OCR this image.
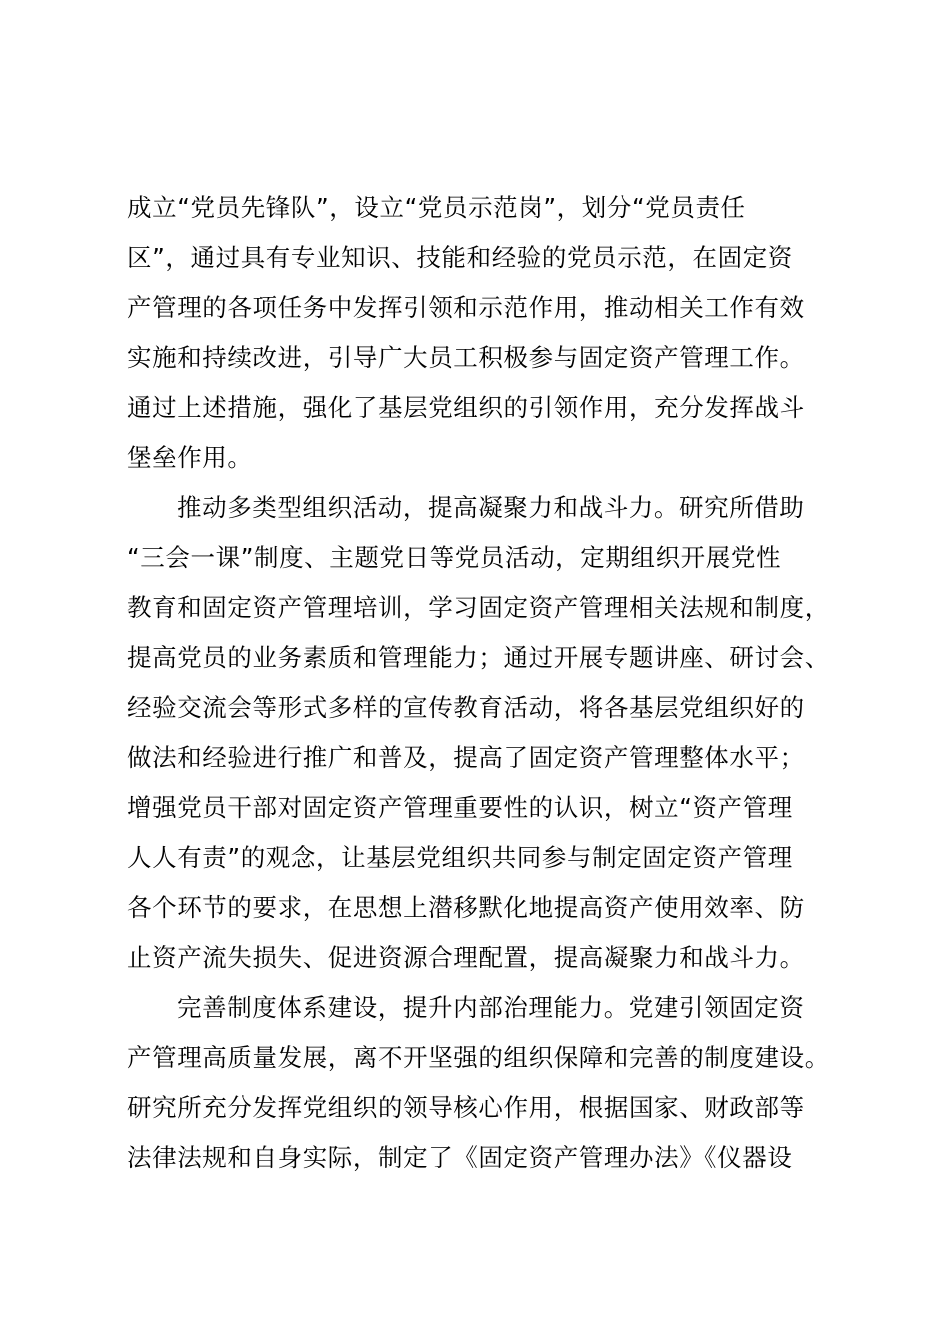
成立“党员先锋队”，设立“党员示范岗”，划分“党员责任

区”，通过具有专业知识、技能和经验的党员示范，在固定资

产管理的各项任务中发挥引领和示范作用，推动相关工作有效

实施和持续改进，引导广大员工积极参与固定资产管理工作。

通过上述措施，强化了基层党组织的引领作用，充分发挥战斗

堡垒作用。

推动多类型组织活动，提高凝聚力和战斗力。研究所借助

“三会一课”制度、主题党日等党员活动，定期组织开展党性

教育和固定资产管理培训，学习固定资产管理相关法规和制度，

提高党员的业务素质和管理能力；通过开展专题讲座、研讨会、

经验交流会等形式多样的宣传教育活动，将各基层党组织好的

做法和经验进行推广和普及，提高了固定资产管理整体水平；

增强党员干部对固定资产管理重要性的认识，树立“资产管理

人人有责”的观念，让基层党组织共同参与制定固定资产管理

各个环节的要求，在思想上潜移默化地提高资产使用效率、防

止资产流失损失、促进资源合理配置，提高凝聚力和战斗力。

完善制度体系建设，提升内部治理能力。党建引领固定资

产管理高质量发展，离不开坚强的组织保障和完善的制度建设。

研究所充分发挥党组织的领导核心作用，根据国家、财政部等

法律法规和自身实际，制定了《固定资产管理办法》《仪器设
